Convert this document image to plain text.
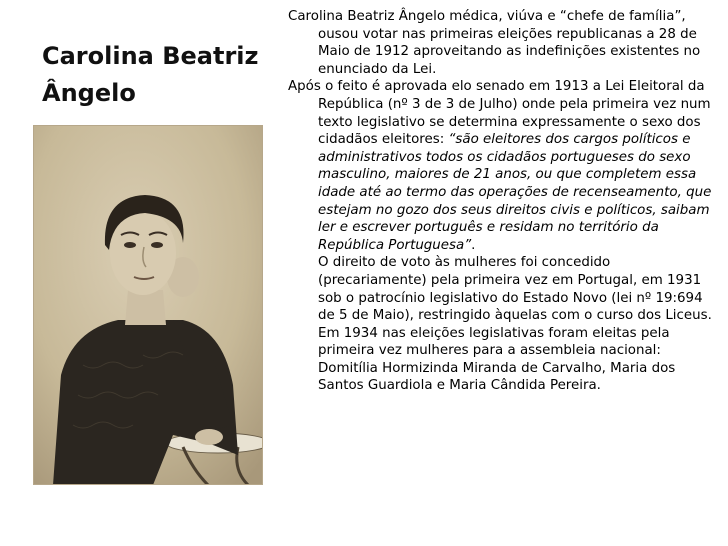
Carolina Beatriz
Ângelo

Carolina Beatriz Ângelo médica, viúva e “chefe de família”, ousou votar nas primeiras eleições republicanas a 28 de Maio de 1912 aproveitando as indefinições existentes no enunciado da Lei.

Após o feito é aprovada elo senado em 1913 a Lei Eleitoral da República (nº 3 de 3 de Julho) onde pela primeira vez num texto legislativo se determina expressamente o sexo dos cidadãos eleitores: “são eleitores dos cargos políticos e administrativos todos os cidadãos portugueses do sexo masculino, maiores de 21 anos, ou que completem essa idade até ao termo das operações de recenseamento, que estejam no gozo dos seus direitos civis e políticos, saibam ler e escrever português e residam no território da República Portuguesa”.
O direito de voto às mulheres foi concedido (precariamente) pela primeira vez em Portugal, em 1931 sob o patrocínio legislativo do Estado Novo (lei nº 19:694 de 5 de Maio), restringido àquelas com o curso dos Liceus. Em 1934 nas eleições legislativas foram eleitas pela primeira vez mulheres para a assembleia nacional: Domitília Hormizinda Miranda de Carvalho, Maria dos Santos Guardiola e Maria Cândida Pereira.
